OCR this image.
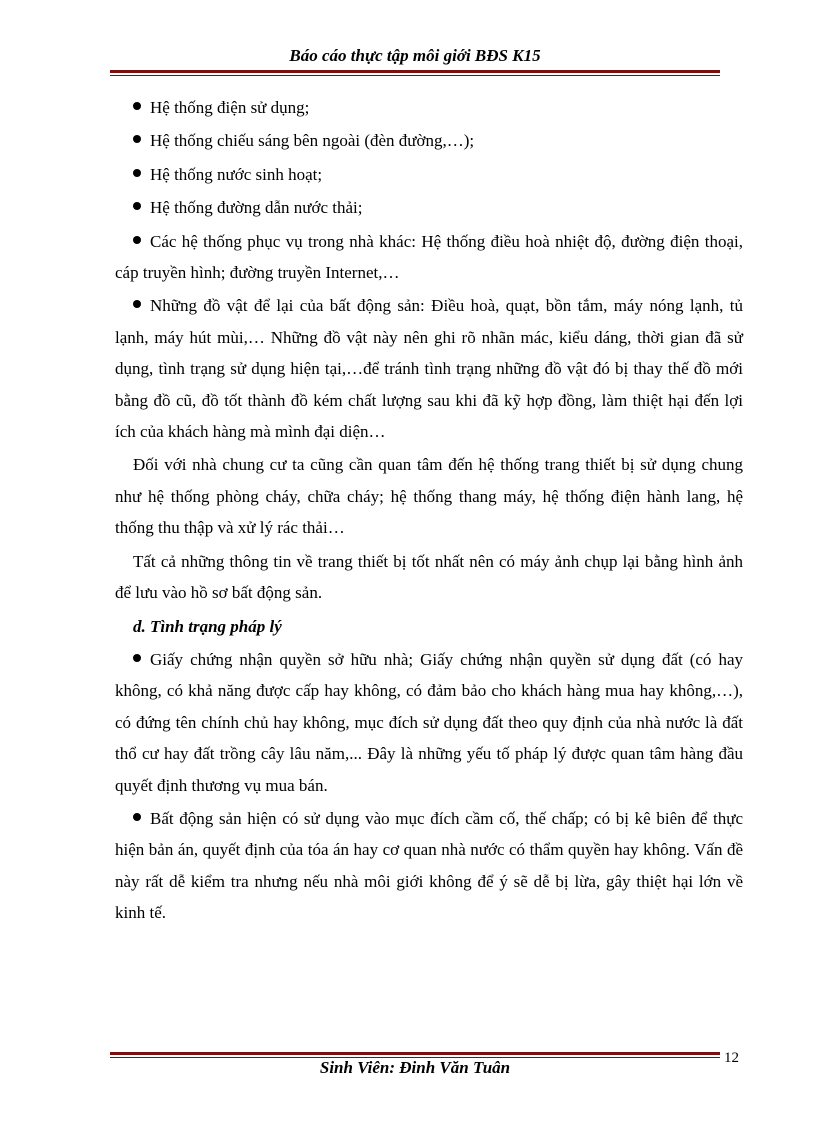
Báo cáo thực tập môi giới BĐS K15

Hệ thống điện sử dụng;

Hệ thống chiếu sáng bên ngoài (đèn đường,…);

Hệ thống nước sinh hoạt;

Hệ thống đường dẫn nước thải;

Các hệ thống phục vụ trong nhà khác: Hệ thống điều hoà nhiệt độ, đường điện thoại, cáp truyền hình; đường truyền Internet,…

Những đồ vật để lại của bất động sản: Điều hoà, quạt, bồn tắm, máy nóng lạnh, tủ lạnh, máy hút mùi,… Những đồ vật này nên ghi rõ nhãn mác, kiểu dáng, thời gian đã sử dụng, tình trạng sử dụng hiện tại,…để tránh tình trạng những đồ vật đó bị thay thế đồ mới bằng đồ cũ, đồ tốt thành đồ kém chất lượng sau khi đã kỹ hợp đồng, làm thiệt hại đến lợi ích của khách hàng mà mình đại diện…

Đối với nhà chung cư ta cũng cần quan tâm đến hệ thống trang thiết bị sử dụng chung như hệ thống phòng cháy, chữa cháy; hệ thống thang máy, hệ thống điện hành lang, hệ thống thu thập và xử lý rác thải…

Tất cả những thông tin về trang thiết bị tốt nhất nên có máy ảnh chụp lại bằng hình ảnh để lưu vào hồ sơ bất động sản.

d. Tình trạng pháp lý

Giấy chứng nhận quyền sở hữu nhà; Giấy chứng nhận quyền sử dụng đất (có hay không, có khả năng được cấp hay không, có đảm bảo cho khách hàng mua hay không,…), có đứng tên chính chủ hay không, mục đích sử dụng đất theo quy định của nhà nước là đất thổ cư hay đất trồng cây lâu năm,... Đây là những yếu tố pháp lý được quan tâm hàng đầu quyết định thương vụ mua bán.

Bất động sản hiện có sử dụng vào mục đích cầm cố, thế chấp; có bị kê biên để thực hiện bản án, quyết định của tóa án hay cơ quan nhà nước có thẩm quyền hay không. Vấn đề này rất dễ kiểm tra nhưng nếu nhà môi giới không để ý sẽ dễ bị lừa, gây thiệt hại lớn về kinh tế.

Sinh Viên: Đinh Văn Tuân	12
